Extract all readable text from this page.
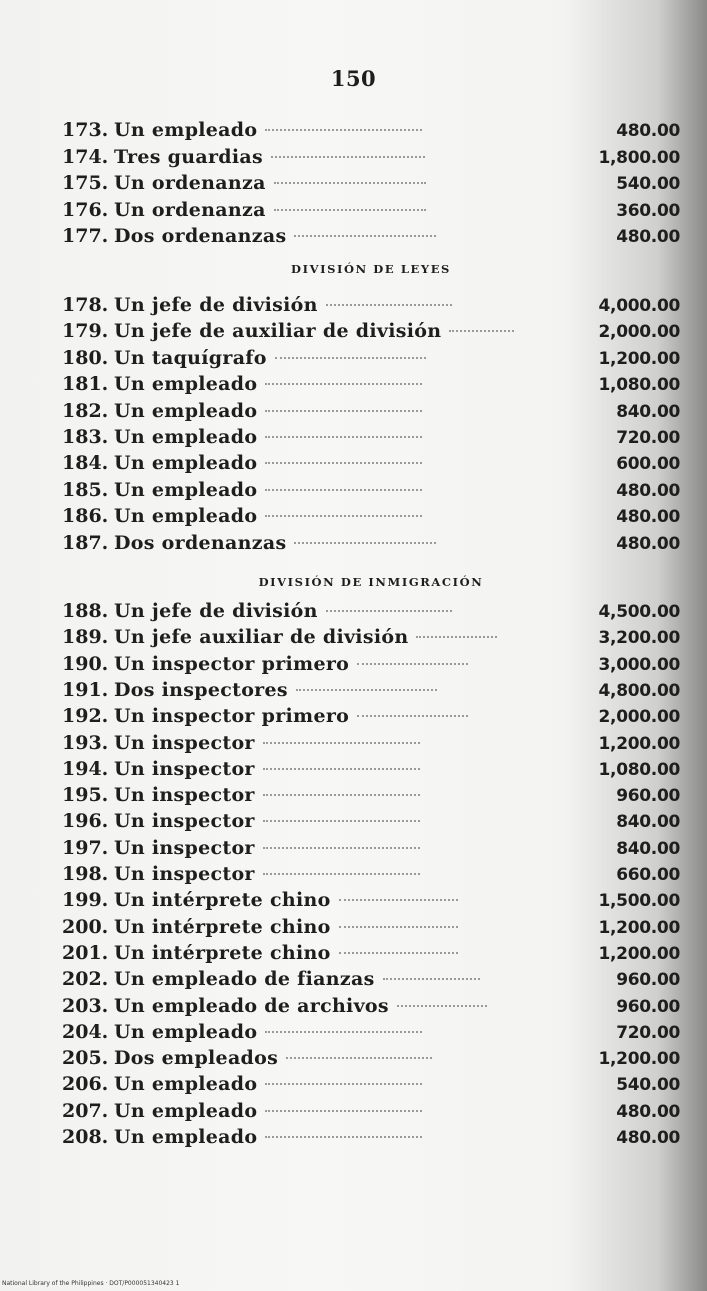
150
173. Un empleado	480.00
174. Tres guardias	1,800.00
175. Un ordenanza	540.00
176. Un ordenanza	360.00
177. Dos ordenanzas	480.00
DIVISIÓN DE LEYES
178. Un jefe de división	4,000.00
179. Un jefe de auxiliar de división	2,000.00
180. Un taquígrafo	1,200.00
181. Un empleado	1,080.00
182. Un empleado	840.00
183. Un empleado	720.00
184. Un empleado	600.00
185. Un empleado	480.00
186. Un empleado	480.00
187. Dos ordenanzas	480.00
DIVISIÓN DE INMIGRACIÓN
188. Un jefe de división	4,500.00
189. Un jefe auxiliar de división	3,200.00
190. Un inspector primero	3,000.00
191. Dos inspectores	4,800.00
192. Un inspector primero	2,000.00
193. Un inspector	1,200.00
194. Un inspector	1,080.00
195. Un inspector	960.00
196. Un inspector	840.00
197. Un inspector	840.00
198. Un inspector	660.00
199. Un intérprete chino	1,500.00
200. Un intérprete chino	1,200.00
201. Un intérprete chino	1,200.00
202. Un empleado de fianzas	960.00
203. Un empleado de archivos	960.00
204. Un empleado	720.00
205. Dos empleados	1,200.00
206. Un empleado	540.00
207. Un empleado	480.00
208. Un empleado	480.00
National Library of the Philippines · DOT/P000051340423 1
